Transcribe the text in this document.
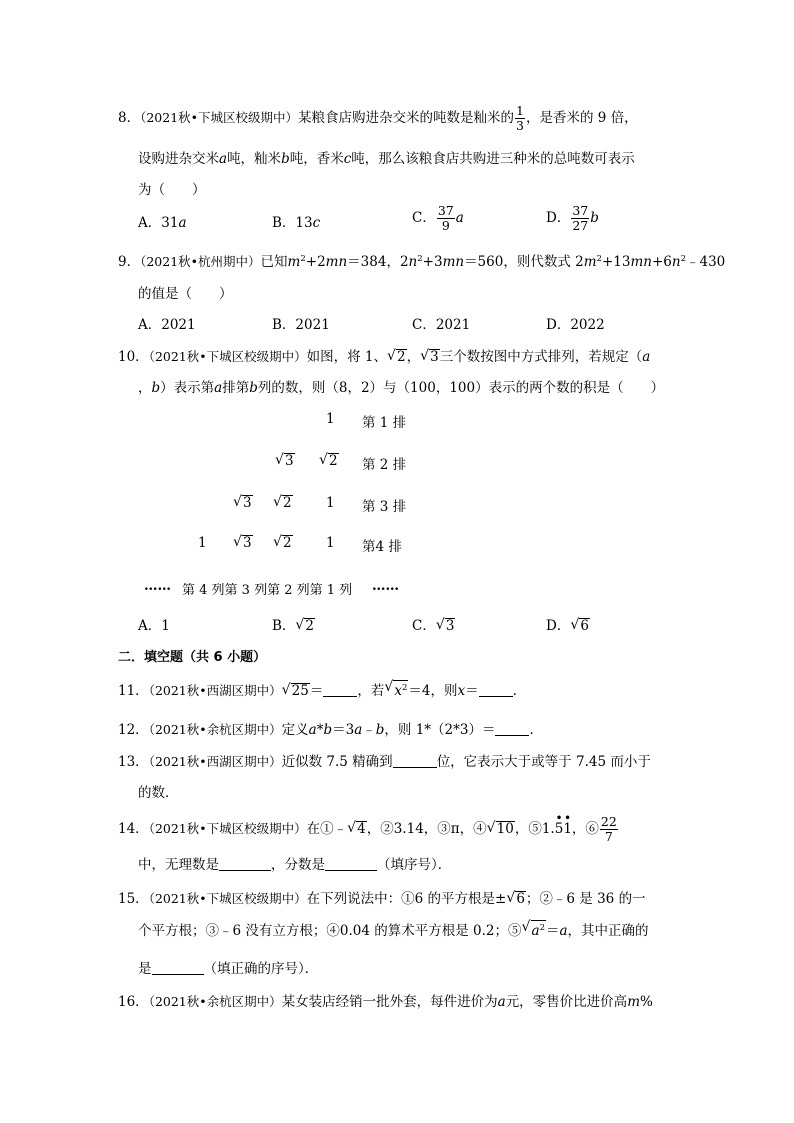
8．（2021秋•下城区校级期中）某粮食店购进杂交米的吨数是籼米的 $\frac{1}{3}$ ，是香米的 9 倍，
设购进杂交米a吨，籼米b吨，香米c吨，那么该粮食店共购进三种米的总吨数可表示
为（　　）
A．31a	B．13c	C． $\frac{37}{9}$ a	D． $\frac{37}{27}$ b
9．（2021秋•杭州期中）已知$m^2+2mn=384$，$2n^2+3mn=560$，则代数式 $2m^2+13mn+6n^2﹣430$
的值是（　　）
A．2021	B．2021	C．2021	D．2022
10．（2021秋•下城区校级期中）如图，将 1、 √ 2， √ 3三个数按图中方式排列，若规定（a
，b）表示第a排第b列的数，则（8，2）与（100，100）表示的两个数的积是（　　）
1 第 1 排
√ 3 √ 2 第 2 排
√ 3 √ 2	1 第 3 排
1 √ 3 √ 2	1 第4 排
…… 第 4 列第 3 列第 2 列第 1 列 ……
A．1	B． √ 2	C． √ 3	D． √ 6
二．填空题（共 6 小题）
11．（2021秋•西湖区期中） √ 25＝	，若 √ $x^2=4$，则x＝	．
12．（2021秋•余杭区期中）定义a*b＝3a﹣b，则 1*（2*3）＝	．
13．（2021秋•西湖区期中）近似数 7.5 精确到	位，它表示大于或等于 7.45 而小于
的数．
14．（2021秋•下城区校级期中）在①﹣ √ 4，②3.14，③π，④ √ 10，⑤1.
•
5
•
1，⑥ $\frac{22}{7}$
中，无理数是	，分数是	（填序号）．
15．（2021秋•下城区校级期中）在下列说法中：①6 的平方根是± √ 6；②﹣6 是 36 的一
个平方根；③﹣6 没有立方根；④0.04 的算术平方根是 0.2；⑤ √ $a^2=a$，其中正确的
是	（填正确的序号）．
16．（2021秋•余杭区期中）某女装店经销一批外套，每件进价为a元，零售价比进价高m%
